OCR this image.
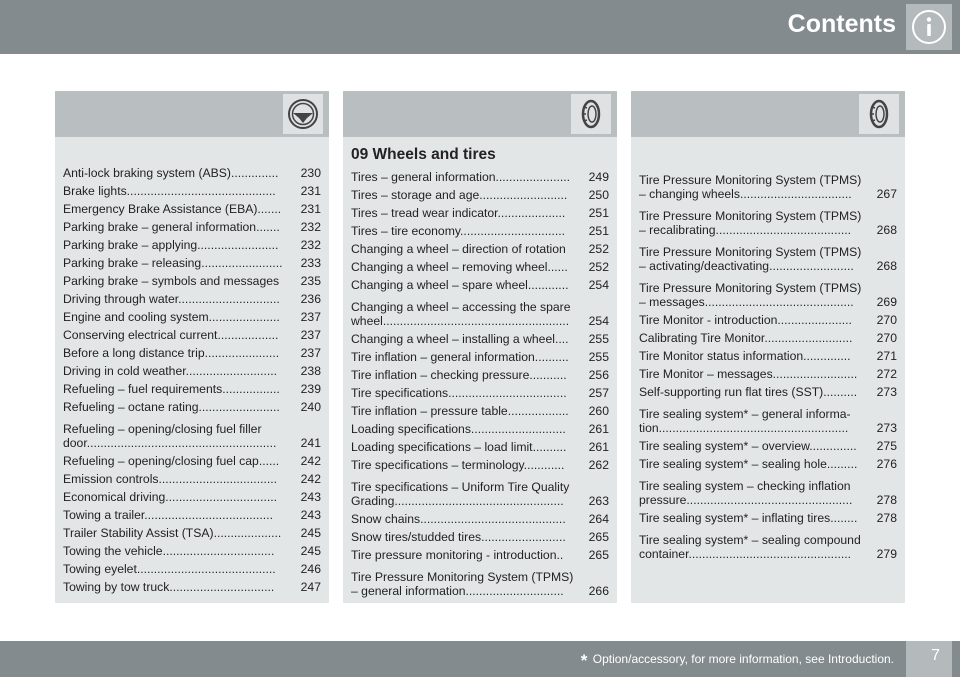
Contents
Anti-lock braking system (ABS)..............	230
Brake lights............................................	231
Emergency Brake Assistance (EBA).......	231
Parking brake – general information.......	232
Parking brake – applying........................	232
Parking brake – releasing........................	233
Parking brake – symbols and messages	235
Driving through water..............................	236
Engine and cooling system.....................	237
Conserving electrical current..................	237
Before a long distance trip......................	237
Driving in cold weather...........................	238
Refueling – fuel requirements.................	239
Refueling – octane rating........................	240
Refueling – opening/closing fuel filler door........................................................	241
Refueling – opening/closing fuel cap......	242
Emission controls...................................	242
Economical driving.................................	243
Towing a trailer......................................	243
Trailer Stability Assist (TSA)....................	245
Towing the vehicle.................................	245
Towing eyelet.........................................	246
Towing by tow truck...............................	247
09 Wheels and tires
Tires – general information......................	249
Tires – storage and age..........................	250
Tires – tread wear indicator....................	251
Tires – tire economy...............................	251
Changing a wheel – direction of rotation	252
Changing a wheel – removing wheel......	252
Changing a wheel – spare wheel............	254
Changing a wheel – accessing the spare wheel.......................................................	254
Changing a wheel – installing a wheel....	255
Tire inflation – general information..........	255
Tire inflation – checking pressure...........	256
Tire specifications...................................	257
Tire inflation – pressure table..................	260
Loading specifications............................	261
Loading specifications – load limit..........	261
Tire specifications – terminology............	262
Tire specifications – Uniform Tire Quality Grading..................................................	263
Snow chains...........................................	264
Snow tires/studded tires.........................	265
Tire pressure monitoring - introduction..	265
Tire Pressure Monitoring System (TPMS) – general information.............................	266
Tire Pressure Monitoring System (TPMS) – changing wheels.................................	267
Tire Pressure Monitoring System (TPMS) – recalibrating........................................	268
Tire Pressure Monitoring System (TPMS) – activating/deactivating.........................	268
Tire Pressure Monitoring System (TPMS) – messages............................................	269
Tire Monitor - introduction......................	270
Calibrating Tire Monitor..........................	270
Tire Monitor status information..............	271
Tire Monitor – messages.........................	272
Self-supporting run flat tires (SST)..........	273
Tire sealing system* – general informa- tion........................................................	273
Tire sealing system* – overview..............	275
Tire sealing system* – sealing hole.........	276
Tire sealing system – checking inflation pressure.................................................	278
Tire sealing system* – inflating tires........	278
Tire sealing system* – sealing compound container................................................	279
* Option/accessory, for more information, see Introduction. 7
